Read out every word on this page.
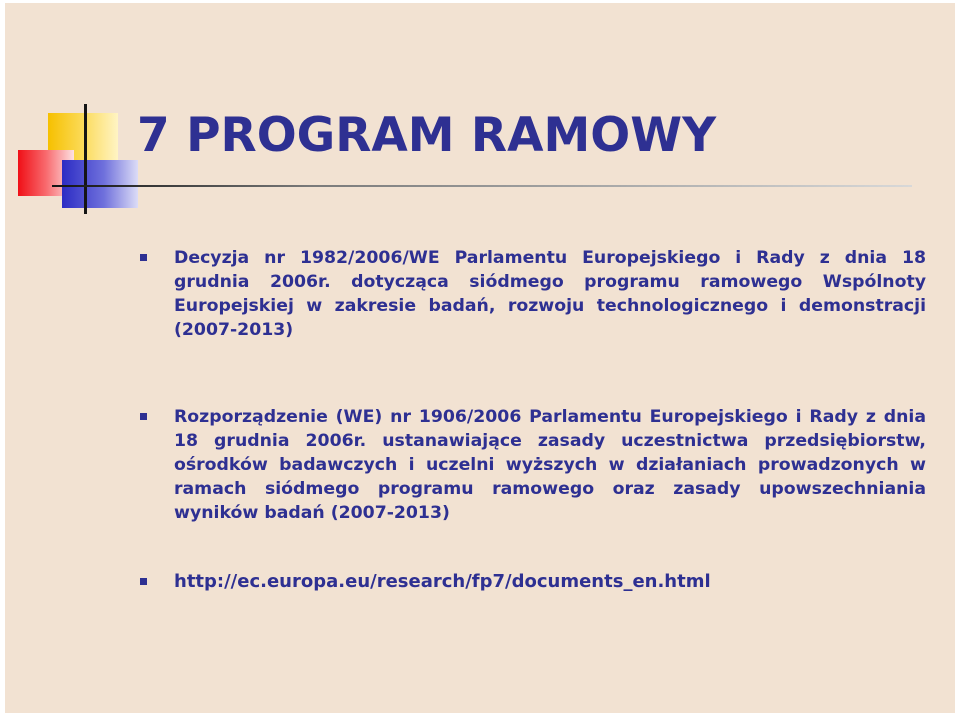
7 PROGRAM RAMOWY
Decyzja nr 1982/2006/WE Parlamentu Europejskiego i Rady z dnia 18 grudnia 2006r. dotycząca siódmego programu ramowego Wspólnoty Europejskiej w zakresie badań, rozwoju technologicznego i demonstracji (2007-2013)
Rozporządzenie (WE) nr 1906/2006 Parlamentu Europejskiego i Rady z dnia 18 grudnia 2006r. ustanawiające zasady uczestnictwa przedsiębiorstw, ośrodków badawczych i uczelni wyższych w działaniach prowadzonych w ramach siódmego programu ramowego oraz zasady upowszechniania wyników badań (2007-2013)
http://ec.europa.eu/research/fp7/documents_en.html
